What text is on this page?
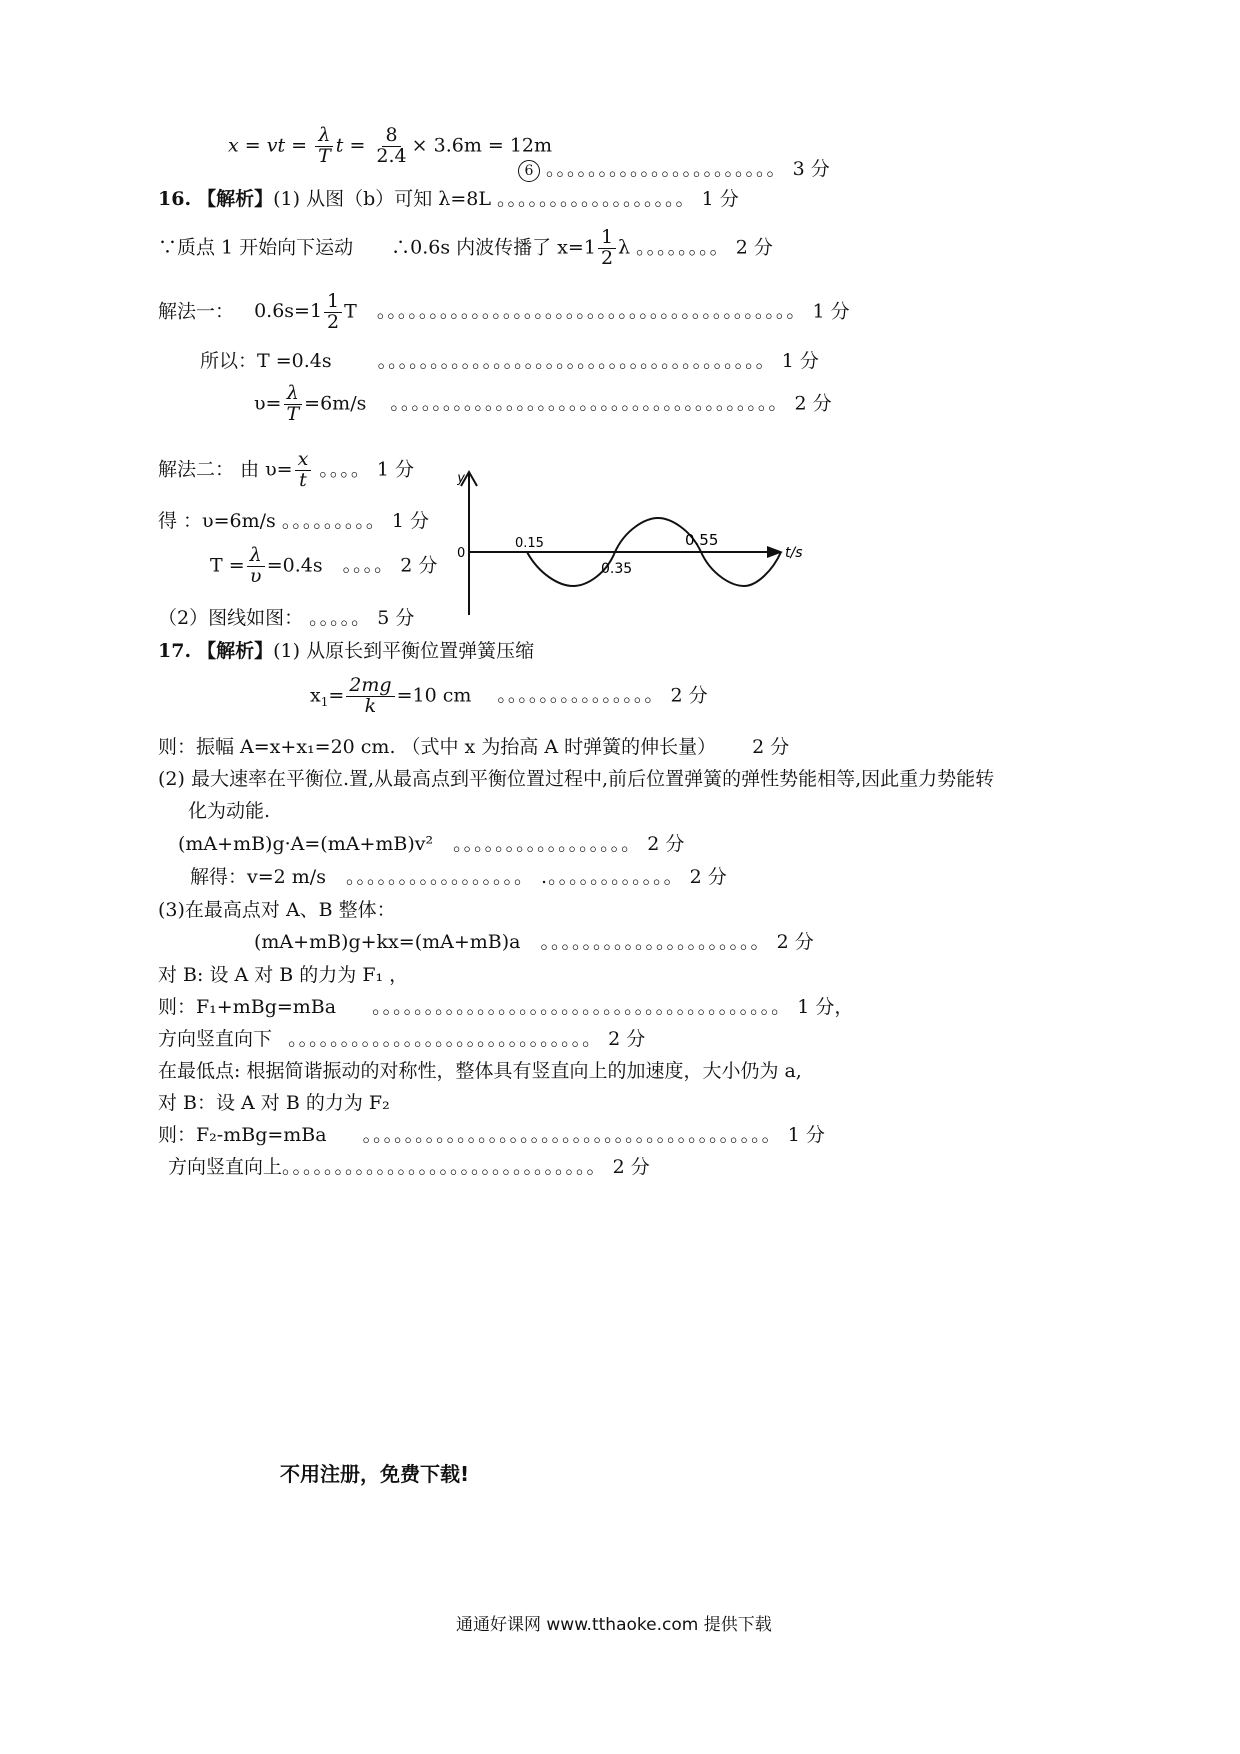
x = vt = $\frac{\lambda}{T}$ $t = \frac{8}{2.4} \times 3.6m = 12m$
6 。。。。。。。。。。。。。。。。。。。。。。 3 分
16. 【解析】(1) 从图（b）可知 λ=8L 。。。。。。。。。。。。。。。。。。 1 分
∵质点 1 开始向下运动　　∴0.6s 内波传播了 $x=1 \frac{1}{2}$ λ 。。。。。。。。 2 分
解法一： $0.6s=1 \frac{1}{2}$ T 。。。。。。。。。。。。。。。。。。。。。。。。。。。。。。。。。。。。。。。。 1 分
所以：T =0.4s 。。。。。。。。。。。。。。。。。。。。。。。。。。。。。。。。。。。。。 1 分
$\upsilon= \frac{\lambda}{T} =6m/s$ 。。。。。。。。。。。。。。。。。。。。。。。。。。。。。。。。。。。。。 2 分
解法二： 由 $\upsilon= \frac{x}{t}$ 。。。。 1 分
得 ：υ=6m/s 。。。。。。。。。 1 分
$T = \frac{\lambda}{\upsilon} =0.4s$ 。。。。 2 分
（2）图线如图： 。。。。。 5 分
y
0	t/s
0.15
0.35
0.55
17. 【解析】(1) 从原长到平衡位置弹簧压缩
$x_1= \frac{2mg}{k} =10$ cm 。。。。。。。。。。。。。。。 2 分
则：振幅 A=x+x₁=20 cm. （式中 x 为抬高 A 时弹簧的伸长量） 2 分
(2) 最大速率在平衡位.置,从最高点到平衡位置过程中,前后位置弹簧的弹性势能相等,因此重力势能转
化为动能.
(mA+mB)g·A=(mA+mB)v² 。。。。。。。。。。。。。。。。。 2 分
解得：v=2 m/s 。。。。。。。。。。。。。。。。。 .。。。。。。。。。。。。 2 分
(3)在最高点对 A、B 整体：
(mA+mB)g+kx=(mA+mB)a 。。。。。。。。。。。。。。。。。。。。。 2 分
对 B: 设 A 对 B 的力为 F₁ ，
则：F₁+mBg=mBa 。。。。。。。。。。。。。。。。。。。。。。。。。。。。。。。。。。。。。。。 1 分，
方向竖直向下 。。。。。。。。。。。。。。。。。。。。。。。。。。。。。 2 分
在最低点: 根据简谐振动的对称性，整体具有竖直向上的加速度，大小仍为 a,
对 B：设 A 对 B 的力为 F₂
则：F₂-mBg=mBa 。。。。。。。。。。。。。。。。。。。。。。。。。。。。。。。。。。。。。。。 1 分
方向竖直向上。。。。。。。。。。。。。。。。。。。。。。。。。。。。。。 2 分
不用注册，免费下载!
通通好课网 www.tthaoke.com 提供下载
